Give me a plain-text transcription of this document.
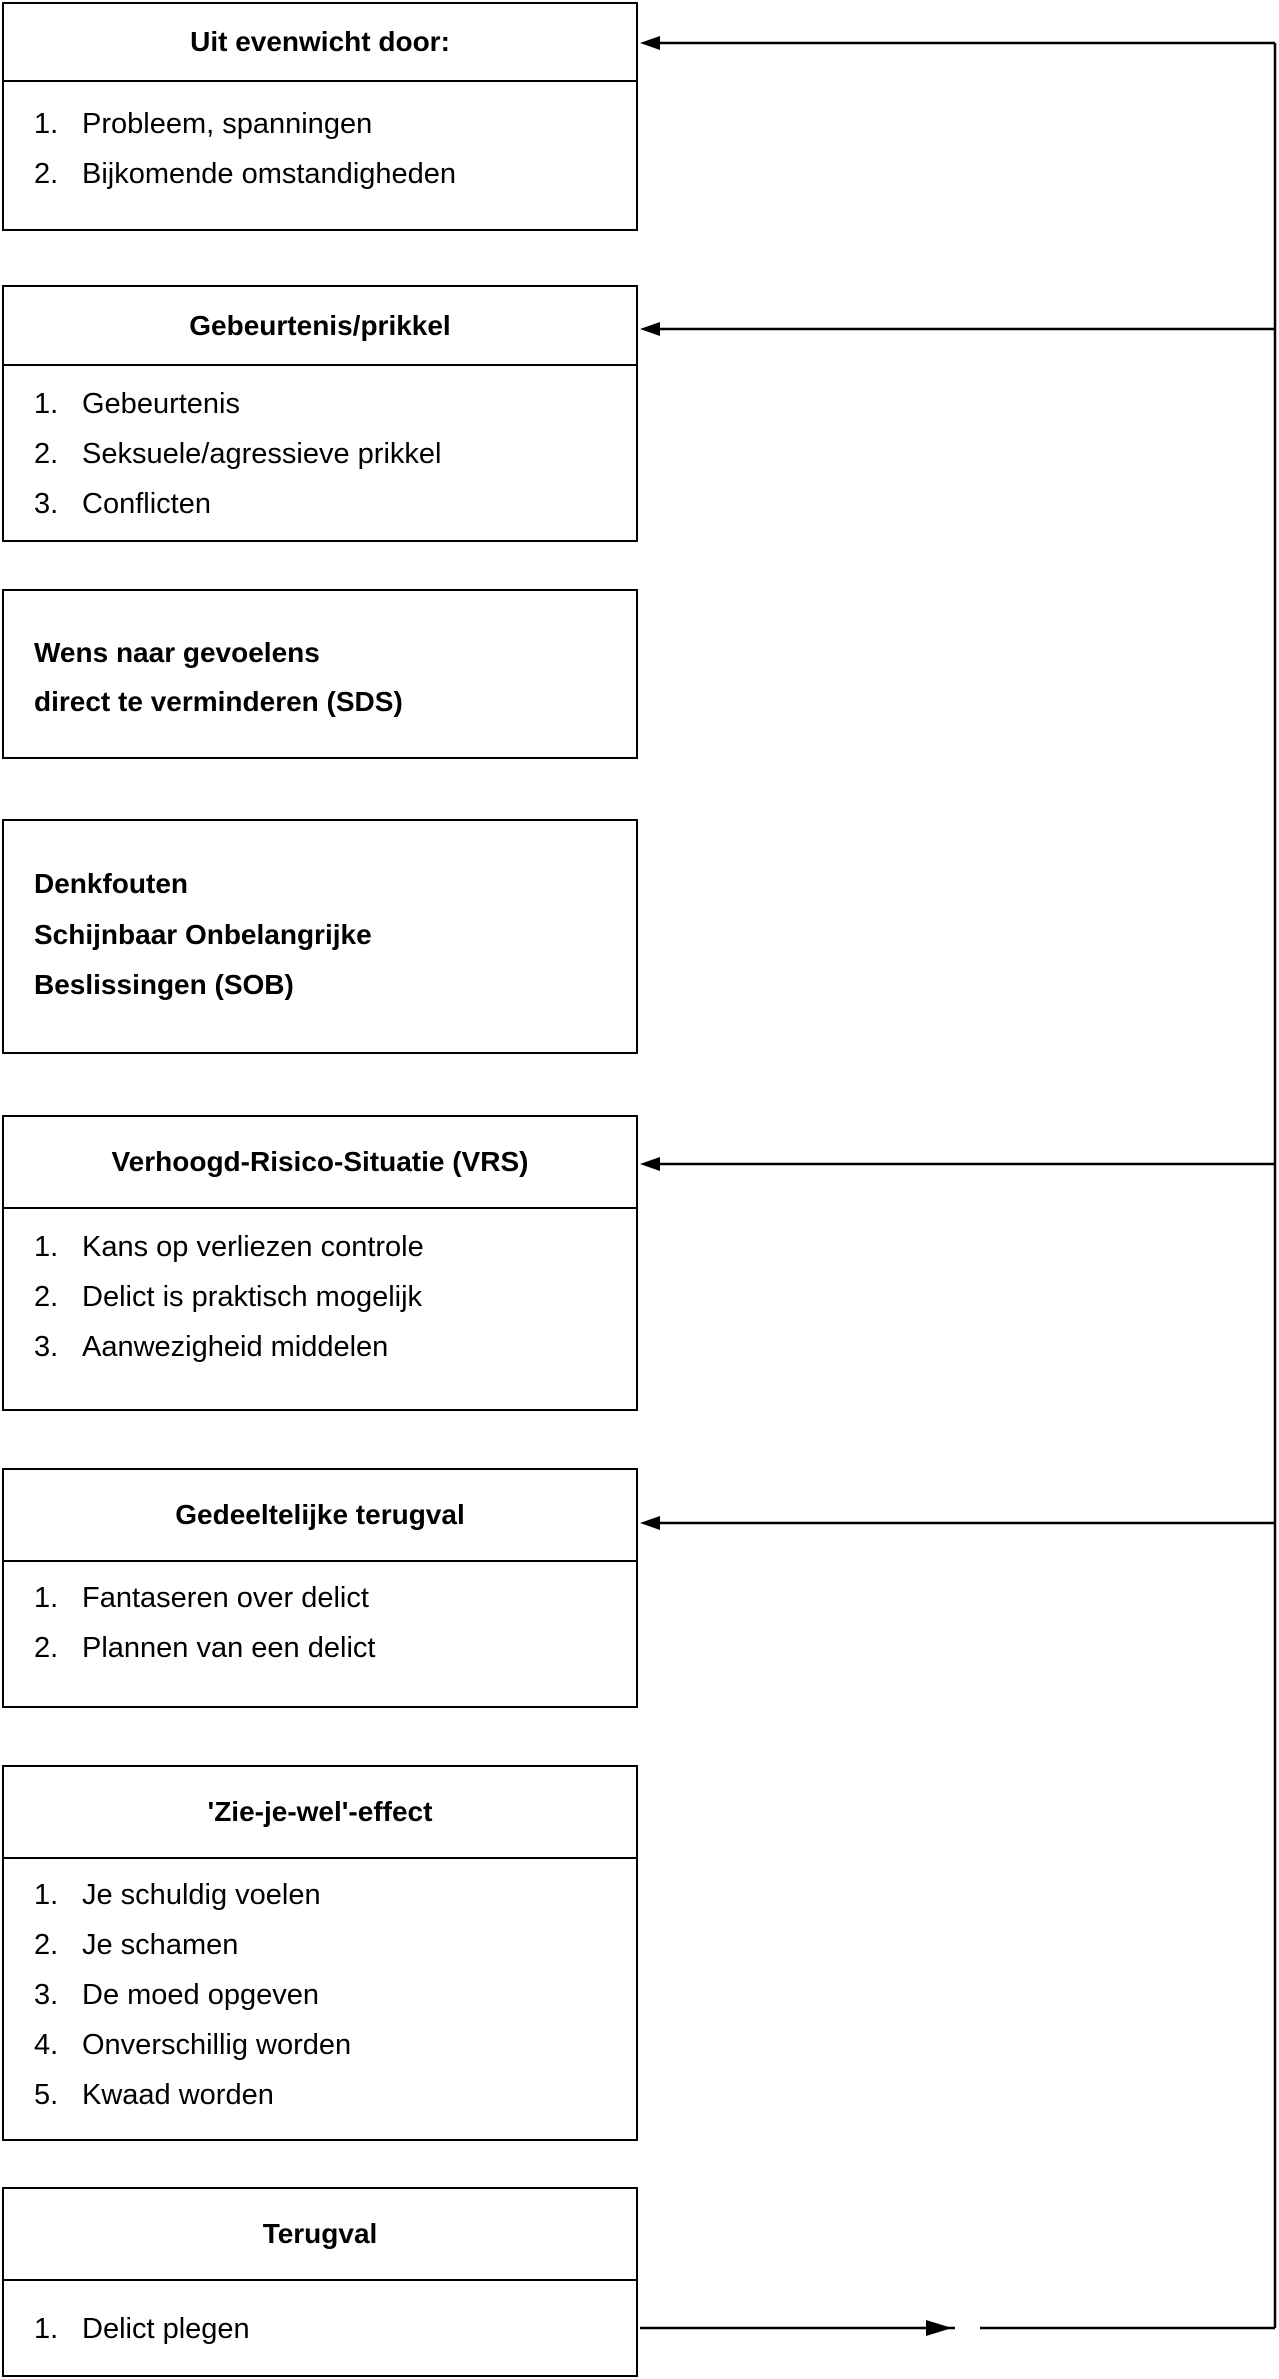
Uit evenwicht door:
1. Probleem, spanningen
2. Bijkomende omstandigheden
Gebeurtenis/prikkel
1. Gebeurtenis
2. Seksuele/agressieve prikkel
3. Conflicten
Wens naar gevoelens
direct te verminderen (SDS)
Denkfouten
Schijnbaar Onbelangrijke
Beslissingen (SOB)
Verhoogd-Risico-Situatie (VRS)
1. Kans op verliezen controle
2. Delict is praktisch mogelijk
3. Aanwezigheid middelen
Gedeeltelijke terugval
1. Fantaseren over delict
2. Plannen van een delict
'Zie-je-wel'-effect
1. Je schuldig voelen
2. Je schamen
3. De moed opgeven
4. Onverschillig worden
5. Kwaad worden
Terugval
1. Delict plegen
